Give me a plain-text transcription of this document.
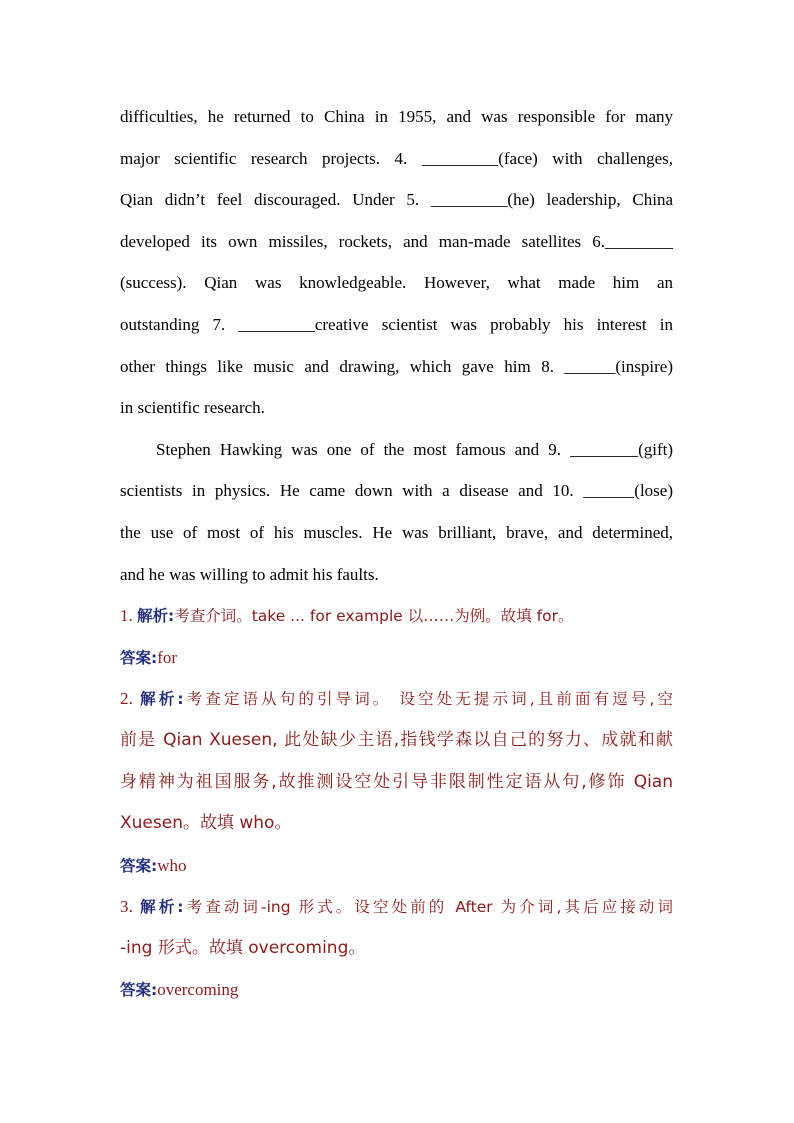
difficulties, he returned to China in 1955, and was responsible for many
major scientific research projects. 4. _________(face) with challenges,
Qian didn’t feel discouraged. Under 5. _________(he) leadership, China
developed its own missiles, rockets, and man-made satellites 6.________
(success). Qian was knowledgeable. However, what made him an
outstanding 7. _________creative scientist was probably his interest in
other things like music and drawing, which gave him 8. ______(inspire)
in scientific research.
Stephen Hawking was one of the most famous and 9. ________(gift)
scientists in physics. He came down with a disease and 10. ______(lose)
the use of most of his muscles. He was brilliant, brave, and determined,
and he was willing to admit his faults.
1. 解析:考查介词。take ... for example 以……为例。故填 for。
答案:for
2. 解析:考查定语从句的引导词。 设空处无提示词,且前面有逗号,空
前是 Qian Xuesen, 此处缺少主语,指钱学森以自己的努力、成就和献
身精神为祖国服务,故推测设空处引导非限制性定语从句,修饰 Qian
Xuesen。故填 who。
答案:who
3. 解析:考查动词-ing 形式。设空处前的 After 为介词,其后应接动词
-ing 形式。故填 overcoming。
答案:overcoming
